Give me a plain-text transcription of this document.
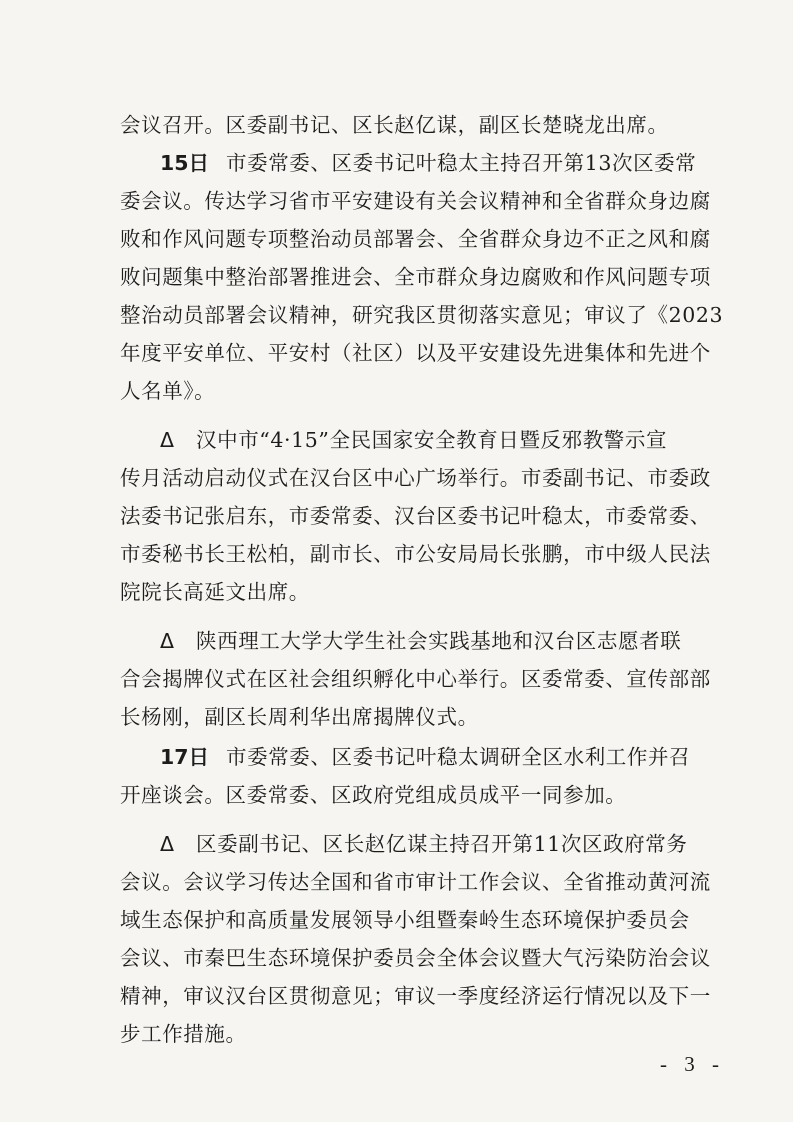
会议召开。区委副书记、区长赵亿谋，副区长楚晓龙出席。
15日 市委常委、区委书记叶稳太主持召开第13次区委常
委会议。传达学习省市平安建设有关会议精神和全省群众身边腐
败和作风问题专项整治动员部署会、全省群众身边不正之风和腐
败问题集中整治部署推进会、全市群众身边腐败和作风问题专项
整治动员部署会议精神，研究我区贯彻落实意见；审议了《2023
年度平安单位、平安村（社区）以及平安建设先进集体和先进个
人名单》。
Δ 汉中市“4·15”全民国家安全教育日暨反邪教警示宣
传月活动启动仪式在汉台区中心广场举行。市委副书记、市委政
法委书记张启东，市委常委、汉台区委书记叶稳太，市委常委、
市委秘书长王松柏，副市长、市公安局局长张鹏，市中级人民法
院院长高延文出席。
Δ 陕西理工大学大学生社会实践基地和汉台区志愿者联
合会揭牌仪式在区社会组织孵化中心举行。区委常委、宣传部部
长杨刚，副区长周利华出席揭牌仪式。
17日 市委常委、区委书记叶稳太调研全区水利工作并召
开座谈会。区委常委、区政府党组成员成平一同参加。
Δ 区委副书记、区长赵亿谋主持召开第11次区政府常务
会议。会议学习传达全国和省市审计工作会议、全省推动黄河流
域生态保护和高质量发展领导小组暨秦岭生态环境保护委员会
会议、市秦巴生态环境保护委员会全体会议暨大气污染防治会议
精神，审议汉台区贯彻意见；审议一季度经济运行情况以及下一
步工作措施。
- 3 -
